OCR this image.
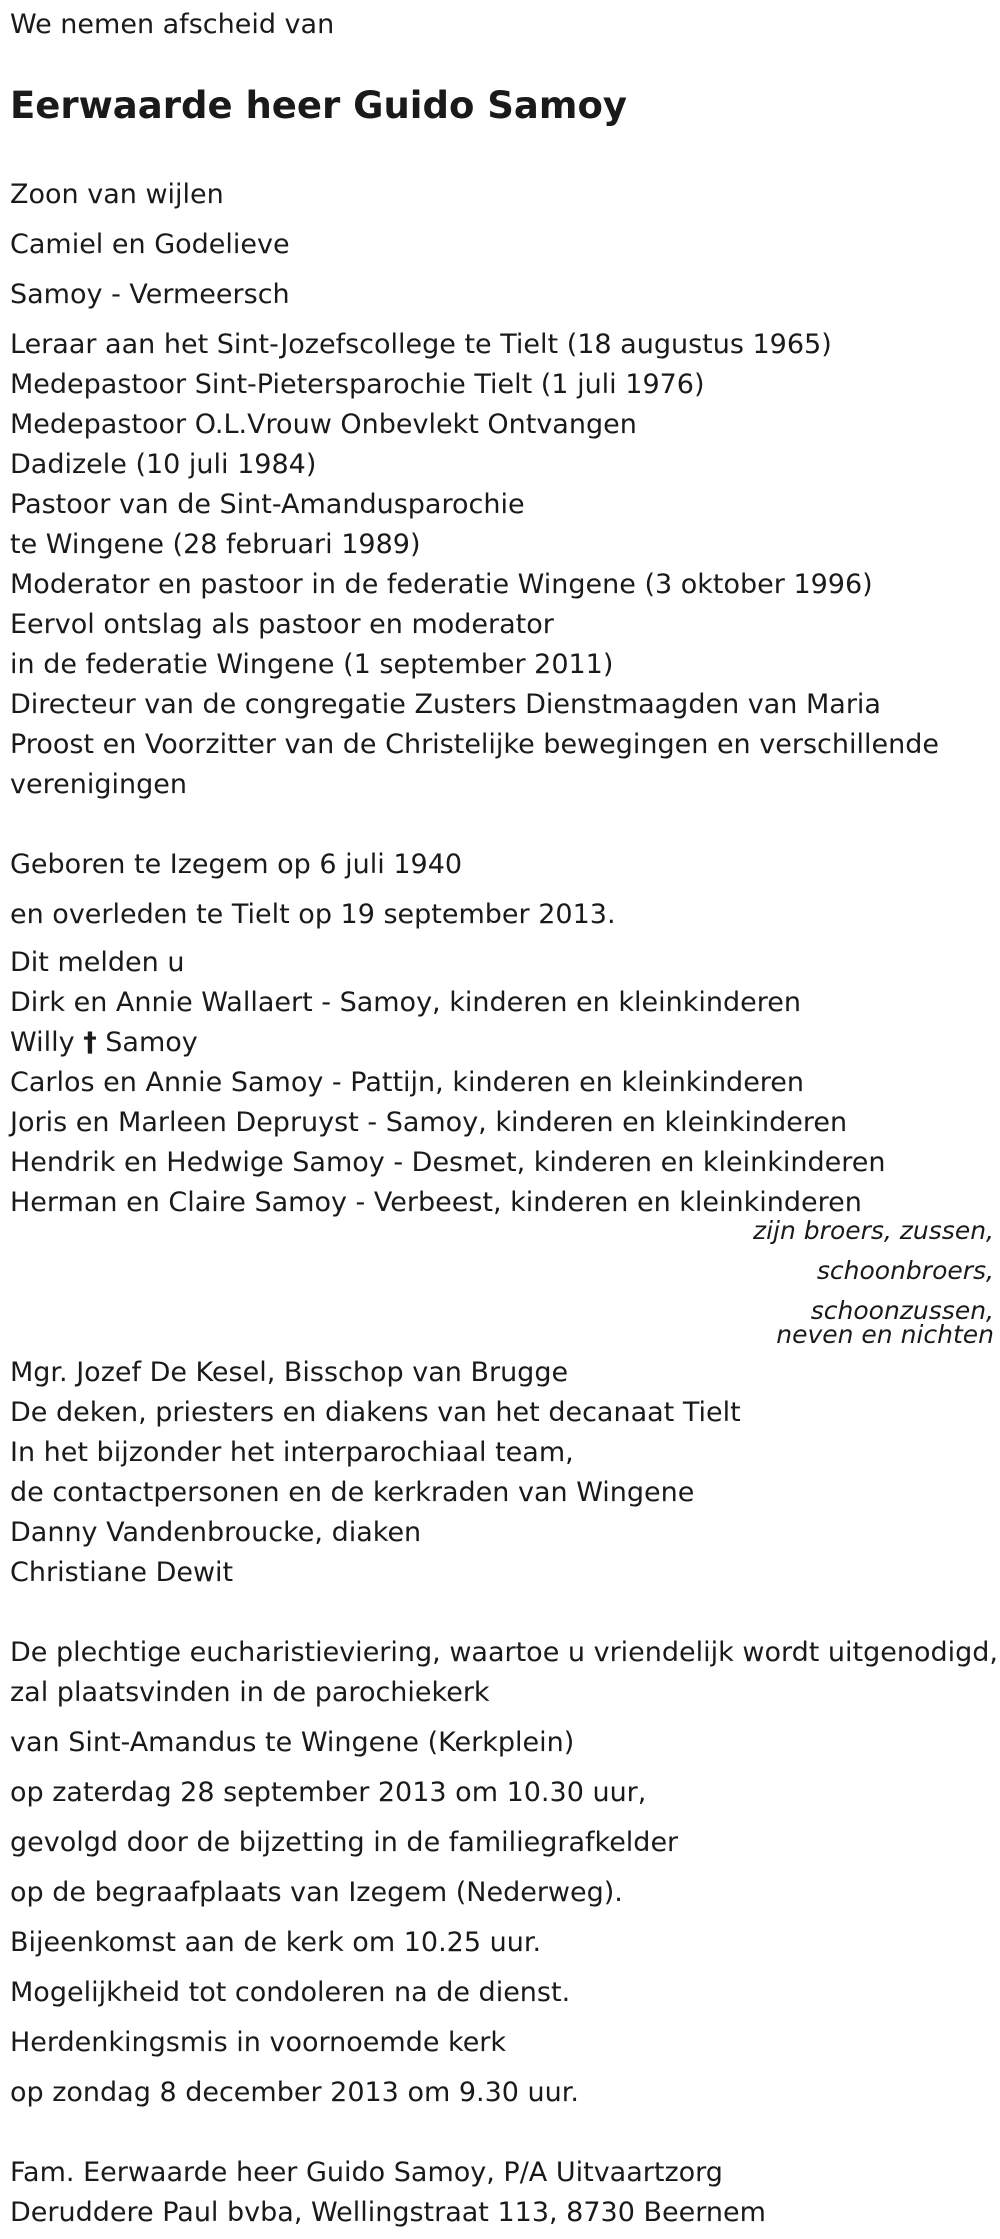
We nemen afscheid van
Eerwaarde heer Guido Samoy
Zoon van wijlen
Camiel en Godelieve
Samoy - Vermeersch
Leraar aan het Sint-Jozefscollege te Tielt (18 augustus 1965)
Medepastoor Sint-Pietersparochie Tielt (1 juli 1976)
Medepastoor O.L.Vrouw Onbevlekt Ontvangen
Dadizele (10 juli 1984)
Pastoor van de Sint-Amandusparochie
te Wingene (28 februari 1989)
Moderator en pastoor in de federatie Wingene (3 oktober 1996)
Eervol ontslag als pastoor en moderator
in de federatie Wingene (1 september 2011)
Directeur van de congregatie Zusters Dienstmaagden van Maria
Proost en Voorzitter van de Christelijke bewegingen en verschillende
verenigingen
Geboren te Izegem op 6 juli 1940
en overleden te Tielt op 19 september 2013.
Dit melden u
Dirk en Annie Wallaert - Samoy, kinderen en kleinkinderen
Willy † Samoy
Carlos en Annie Samoy - Pattijn, kinderen en kleinkinderen
Joris en Marleen Depruyst - Samoy, kinderen en kleinkinderen
Hendrik en Hedwige Samoy - Desmet, kinderen en kleinkinderen
Herman en Claire Samoy - Verbeest, kinderen en kleinkinderen
zijn broers, zussen,
schoonbroers,
schoonzussen,
neven en nichten
Mgr. Jozef De Kesel, Bisschop van Brugge
De deken, priesters en diakens van het decanaat Tielt
In het bijzonder het interparochiaal team,
de contactpersonen en de kerkraden van Wingene
Danny Vandenbroucke, diaken
Christiane Dewit
De plechtige eucharistieviering, waartoe u vriendelijk wordt uitgenodigd,
zal plaatsvinden in de parochiekerk
van Sint-Amandus te Wingene (Kerkplein)
op zaterdag 28 september 2013 om 10.30 uur,
gevolgd door de bijzetting in de familiegrafkelder
op de begraafplaats van Izegem (Nederweg).
Bijeenkomst aan de kerk om 10.25 uur.
Mogelijkheid tot condoleren na de dienst.
Herdenkingsmis in voornoemde kerk
op zondag 8 december 2013 om 9.30 uur.
Fam. Eerwaarde heer Guido Samoy, P/A Uitvaartzorg
Deruddere Paul bvba, Wellingstraat 113, 8730 Beernem
